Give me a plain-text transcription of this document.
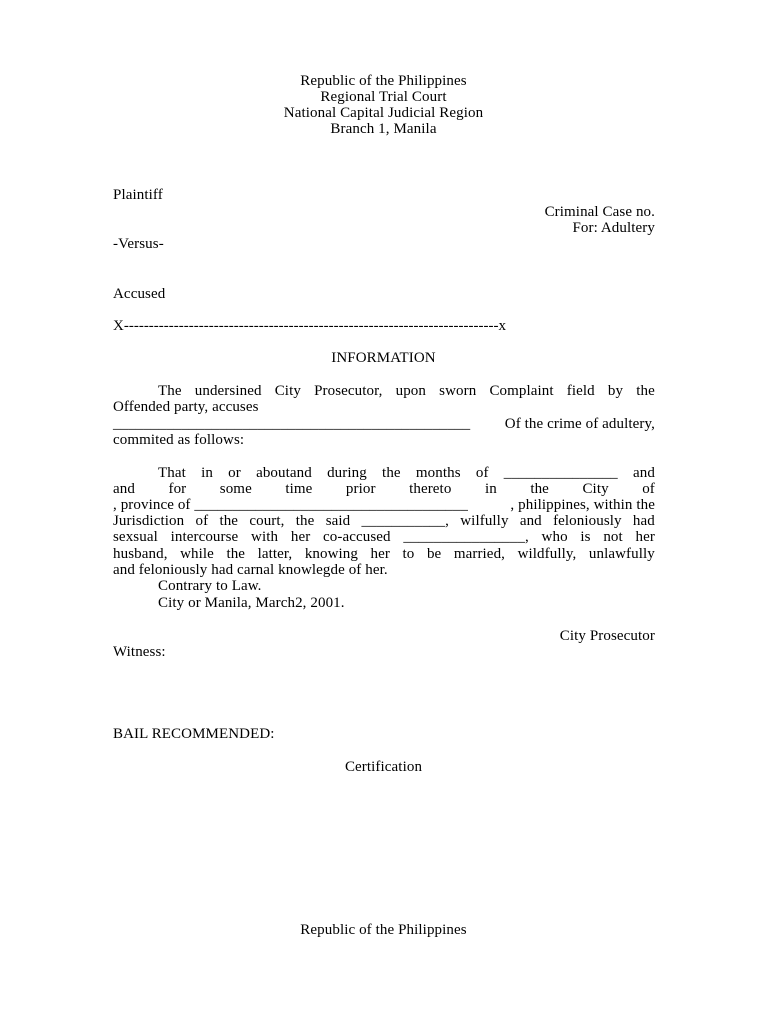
Republic of the Philippines
Regional Trial Court
National Capital Judicial Region
Branch 1, Manila
Plaintiff
Criminal Case no.
For: Adultery
-Versus-
Accused
X---------------------------------------------------------------------------x
INFORMATION
The undersined City Prosecutor, upon sworn Complaint field by the
Offended party, accuses
_______________________________________________ Of the crime of adultery,
commited as follows:
That in or aboutand during the months of _______________ and
and for some time prior thereto in the City of
, province of ____________________________________	, philippines, within the
Jurisdiction of the court, the said ___________, wilfully and feloniously had
sexsual intercourse with her co-accused ________________, who is not her
husband, while the latter, knowing her to be married, wildfully, unlawfully
and feloniously had carnal knowlegde of her.
Contrary to Law.
City or Manila, March2, 2001.
City Prosecutor
Witness:
BAIL RECOMMENDED:
Certification
Republic of the Philippines
